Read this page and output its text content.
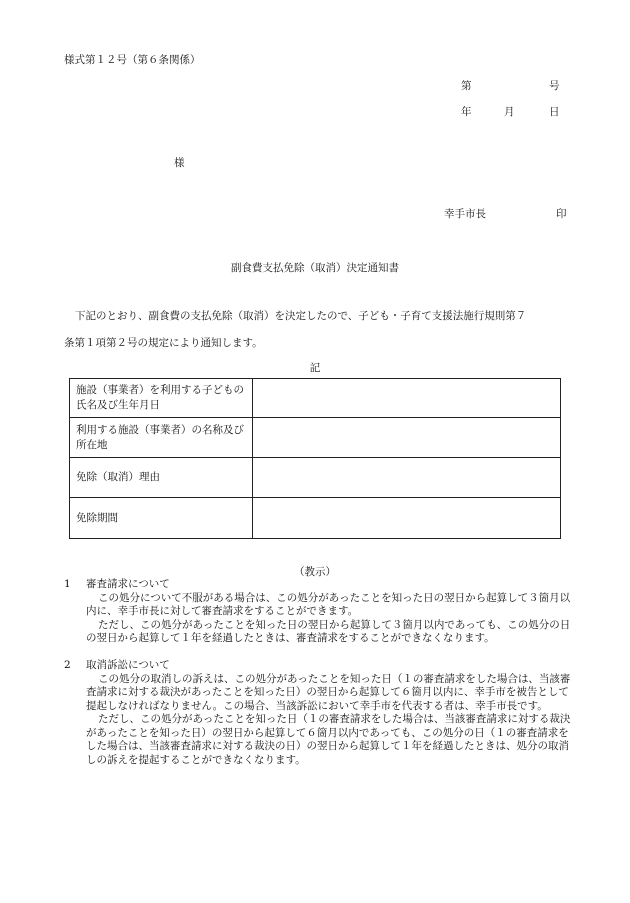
様式第１２号（第６条関係）
第	号
年	月	日
様
幸手市長	印
副食費支払免除（取消）決定通知書
下記のとおり、副食費の支払免除（取消）を決定したので、子ども・子育て支援法施行規則第７
条第１項第２号の規定により通知します。
記
施設（事業者）を利用する子どもの氏名及び生年月日	
利用する施設（事業者）の名称及び所在地	
免除（取消）理由	
免除期間	
（教示）
1 審査請求について
この処分について不服がある場合は、この処分があったことを知った日の翌日から起算して３箇月以内に、幸手市長に対して審査請求をすることができます。
ただし、この処分があったことを知った日の翌日から起算して３箇月以内であっても、この処分の日の翌日から起算して１年を経過したときは、審査請求をすることができなくなります。
2 取消訴訟について
この処分の取消しの訴えは、この処分があったことを知った日（１の審査請求をした場合は、当該審査請求に対する裁決があったことを知った日）の翌日から起算して６箇月以内に、幸手市を被告として提起しなければなりません。この場合、当該訴訟において幸手市を代表する者は、幸手市長です。
ただし、この処分があったことを知った日（１の審査請求をした場合は、当該審査請求に対する裁決があったことを知った日）の翌日から起算して６箇月以内であっても、この処分の日（１の審査請求をした場合は、当該審査請求に対する裁決の日）の翌日から起算して１年を経過したときは、処分の取消しの訴えを提起することができなくなります。
